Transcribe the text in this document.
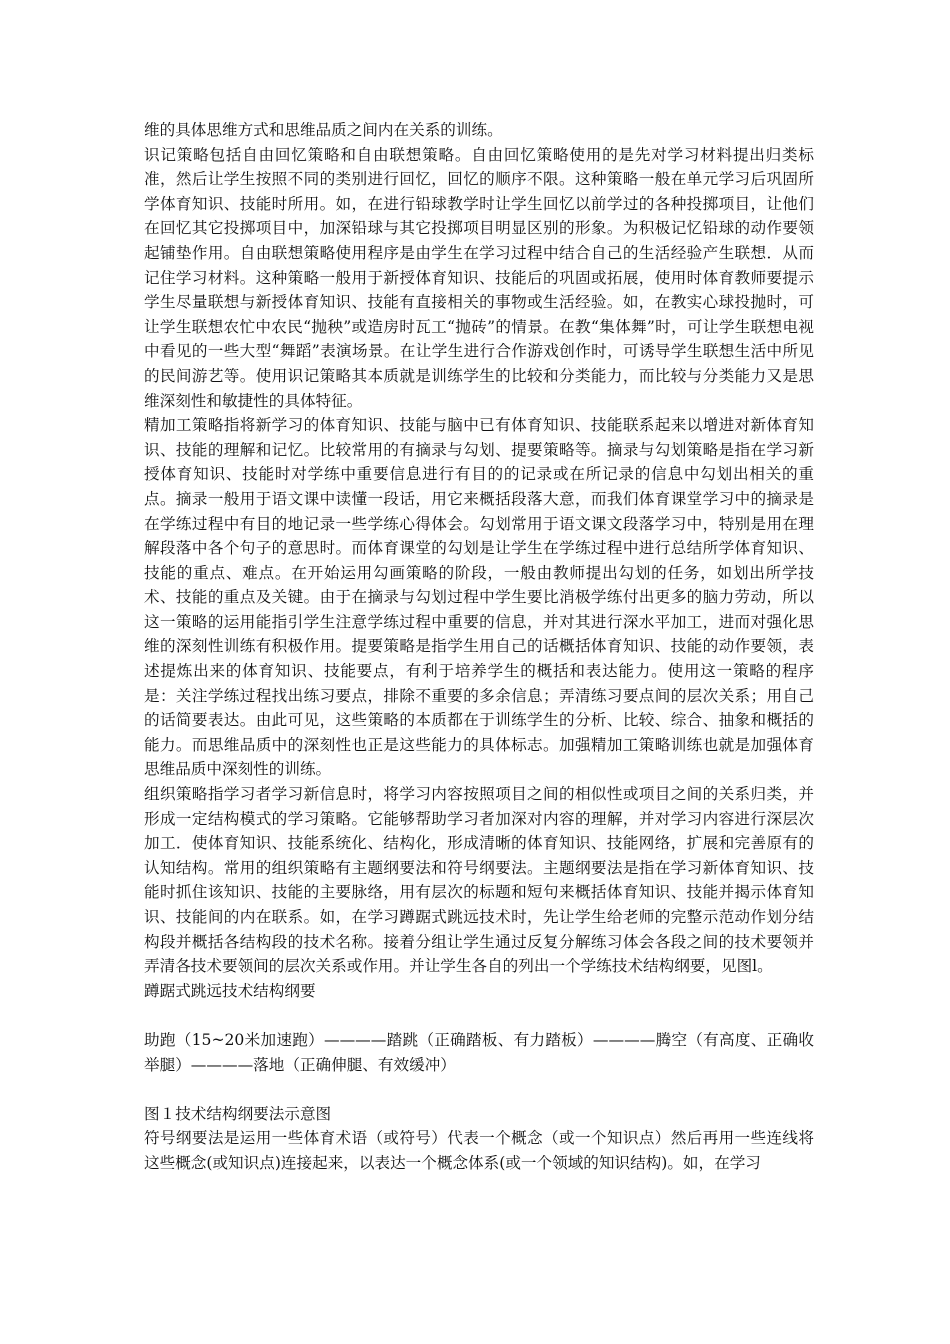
维的具体思维方式和思维品质之间内在关系的训练。

识记策略包括自由回忆策略和自由联想策略。自由回忆策略使用的是先对学习材料提出归类标准，然后让学生按照不同的类别进行回忆，回忆的顺序不限。这种策略一般在单元学习后巩固所学体育知识、技能时所用。如，在进行铅球教学时让学生回忆以前学过的各种投掷项目，让他们在回忆其它投掷项目中，加深铅球与其它投掷项目明显区别的形象。为积极记忆铅球的动作要领起铺垫作用。自由联想策略使用程序是由学生在学习过程中结合自己的生活经验产生联想．从而记住学习材料。这种策略一般用于新授体育知识、技能后的巩固或拓展，使用时体育教师要提示学生尽量联想与新授体育知识、技能有直接相关的事物或生活经验。如，在教实心球投抛时，可让学生联想农忙中农民“抛秧”或造房时瓦工“抛砖”的情景。在教“集体舞”时，可让学生联想电视中看见的一些大型“舞蹈”表演场景。在让学生进行合作游戏创作时，可诱导学生联想生活中所见的民间游艺等。使用识记策略其本质就是训练学生的比较和分类能力，而比较与分类能力又是思维深刻性和敏捷性的具体特征。

精加工策略指将新学习的体育知识、技能与脑中已有体育知识、技能联系起来以增进对新体育知识、技能的理解和记忆。比较常用的有摘录与勾划、提要策略等。摘录与勾划策略是指在学习新授体育知识、技能时对学练中重要信息进行有目的的记录或在所记录的信息中勾划出相关的重点。摘录一般用于语文课中读懂一段话，用它来概括段落大意，而我们体育课堂学习中的摘录是在学练过程中有目的地记录一些学练心得体会。勾划常用于语文课文段落学习中，特别是用在理解段落中各个句子的意思时。而体育课堂的勾划是让学生在学练过程中进行总结所学体育知识、技能的重点、难点。在开始运用勾画策略的阶段，一般由教师提出勾划的任务，如划出所学技术、技能的重点及关键。由于在摘录与勾划过程中学生要比消极学练付出更多的脑力劳动，所以这一策略的运用能指引学生注意学练过程中重要的信息，并对其进行深水平加工，进而对强化思维的深刻性训练有积极作用。提要策略是指学生用自己的话概括体育知识、技能的动作要领，表述提炼出来的体育知识、技能要点，有利于培养学生的概括和表达能力。使用这一策略的程序是：关注学练过程找出练习要点，排除不重要的多余信息；弄清练习要点间的层次关系；用自己的话简要表达。由此可见，这些策略的本质都在于训练学生的分析、比较、综合、抽象和概括的能力。而思维品质中的深刻性也正是这些能力的具体标志。加强精加工策略训练也就是加强体育思维品质中深刻性的训练。

组织策略指学习者学习新信息时，将学习内容按照项目之间的相似性或项目之间的关系归类，并形成一定结构模式的学习策略。它能够帮助学习者加深对内容的理解，并对学习内容进行深层次加工．使体育知识、技能系统化、结构化，形成清晰的体育知识、技能网络，扩展和完善原有的认知结构。常用的组织策略有主题纲要法和符号纲要法。主题纲要法是指在学习新体育知识、技能时抓住该知识、技能的主要脉络，用有层次的标题和短句来概括体育知识、技能并揭示体育知识、技能间的内在联系。如，在学习蹲踞式跳远技术时，先让学生给老师的完整示范动作划分结构段并概括各结构段的技术名称。接着分组让学生通过反复分解练习体会各段之间的技术要领并弄清各技术要领间的层次关系或作用。并让学生各自的列出一个学练技术结构纲要，见图l。

蹲踞式跳远技术结构纲要

助跑（15~20米加速跑）————踏跳（正确踏板、有力踏板）————腾空（有高度、正确收举腿）————落地（正确伸腿、有效缓冲）

图１技术结构纲要法示意图

符号纲要法是运用一些体育术语（或符号）代表一个概念（或一个知识点）然后再用一些连线将这些概念(或知识点)连接起来，以表达一个概念体系(或一个领域的知识结构)。如，在学习
